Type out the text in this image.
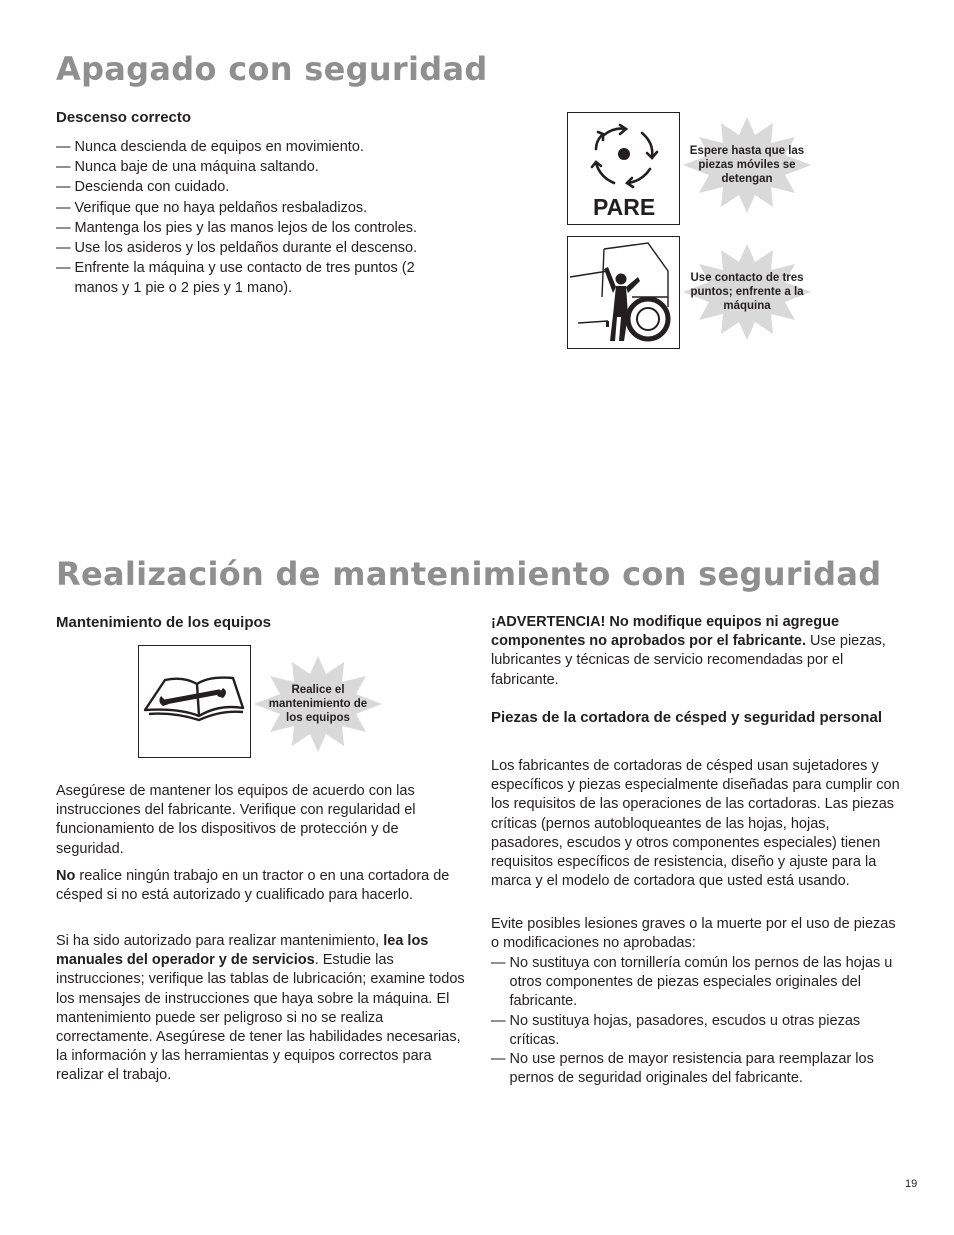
Apagado con seguridad
Descenso correcto
— Nunca descienda de equipos en movimiento.
— Nunca baje de una máquina saltando.
— Descienda con cuidado.
— Verifique que no haya peldaños resbaladizos.
— Mantenga los pies y las manos lejos de los controles.
— Use los asideros y los peldaños durante el descenso.
— Enfrente la máquina y use contacto de tres puntos (2 manos y 1 pie o 2 pies y 1 mano).
PARE
Espere hasta que las piezas móviles se detengan
Use contacto de tres puntos; enfrente a la máquina
Realización de mantenimiento con seguridad
Mantenimiento de los equipos
Realice el mantenimiento de los equipos

Asegúrese de mantener los equipos de acuerdo con las instrucciones del fabricante. Verifique con regularidad el funcionamiento de los dispositivos de protección y de seguridad.

No realice ningún trabajo en un tractor o en una cortadora de césped si no está autorizado y cualificado para hacerlo.

Si ha sido autorizado para realizar mantenimiento, lea los manuales del operador y de servicios. Estudie las instrucciones; verifique las tablas de lubricación; examine todos los mensajes de instrucciones que haya sobre la máquina. El mantenimiento puede ser peligroso si no se realiza correctamente. Asegúrese de tener las habilidades necesarias, la información y las herramientas y equipos correctos para realizar el trabajo.

¡ADVERTENCIA! No modifique equipos ni agregue componentes no aprobados por el fabricante. Use piezas, lubricantes y técnicas de servicio recomendadas por el fabricante.

Piezas de la cortadora de césped y seguridad personal

Los fabricantes de cortadoras de césped usan sujetadores y específicos y piezas especialmente diseñadas para cumplir con los requisitos de las operaciones de las cortadoras. Las piezas críticas (pernos autobloqueantes de las hojas, hojas, pasadores, escudos y otros componentes especiales) tienen requisitos específicos de resistencia, diseño y ajuste para la marca y el modelo de cortadora que usted está usando.

Evite posibles lesiones graves o la muerte por el uso de piezas o modificaciones no aprobadas:

— No sustituya con tornillería común los pernos de las hojas u otros componentes de piezas especiales originales del fabricante.
— No sustituya hojas, pasadores, escudos u otras piezas críticas.
— No use pernos de mayor resistencia para reemplazar los pernos de seguridad originales del fabricante.
19
